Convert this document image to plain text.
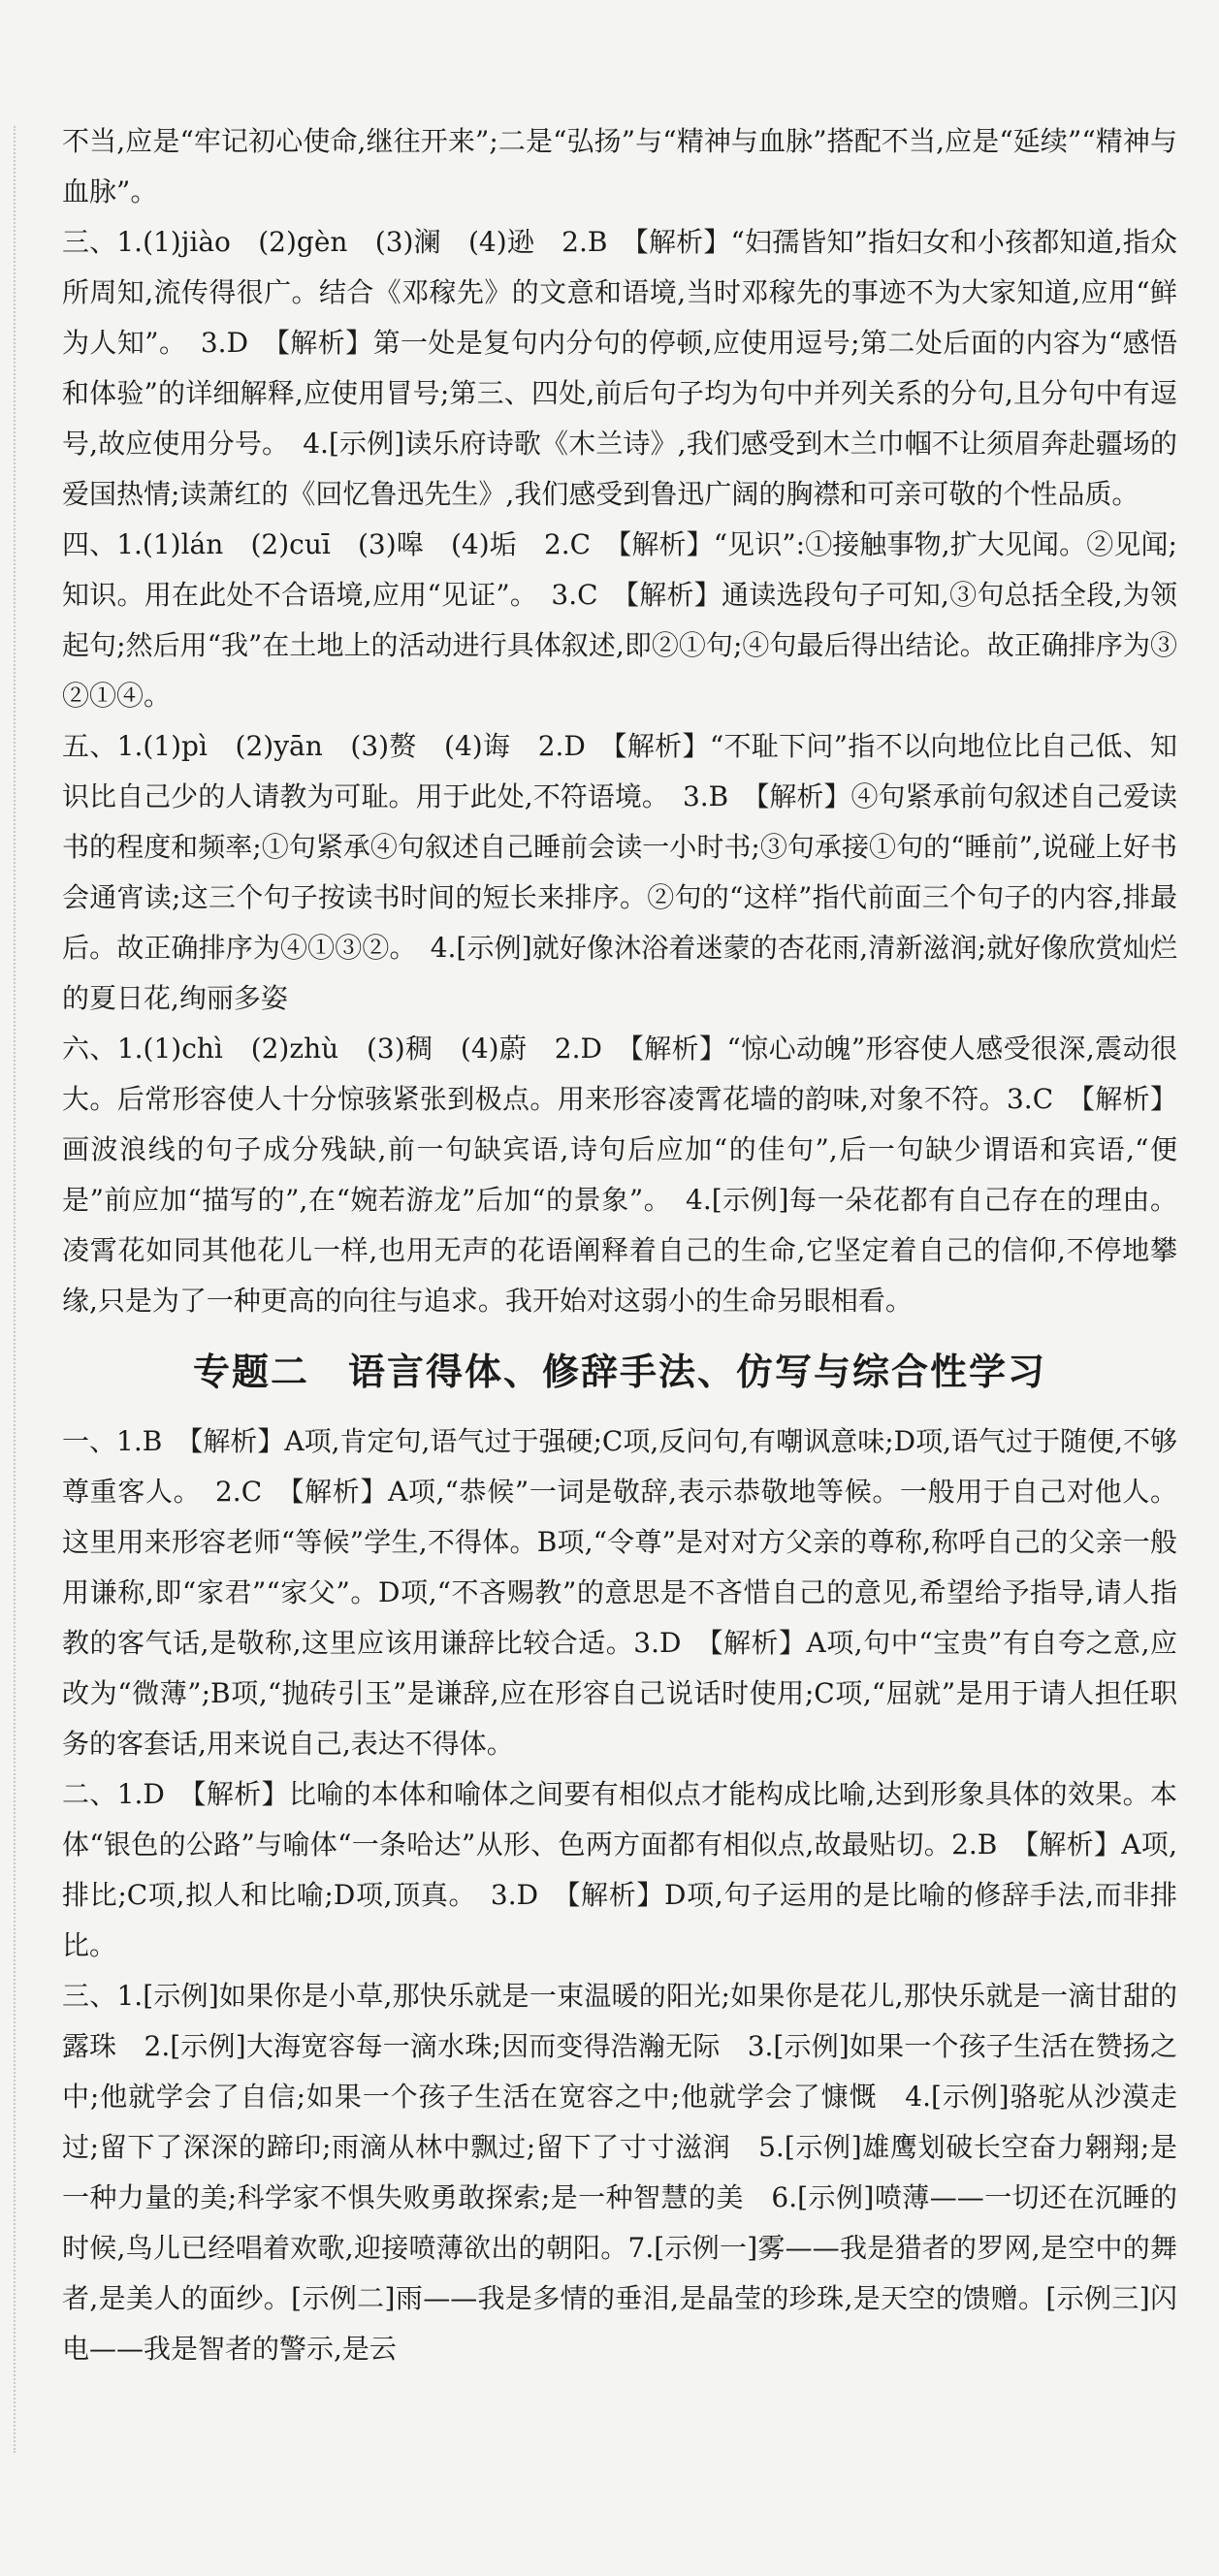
不当,应是“牢记初心使命,继往开来”;二是“弘扬”与“精神与血脉”搭配不当,应是“延续”“精神与血脉”。

三、1.(1)jiào　(2)gèn　(3)澜　(4)逊　2.B　【解析】“妇孺皆知”指妇女和小孩都知道,指众所周知,流传得很广。结合《邓稼先》的文意和语境,当时邓稼先的事迹不为大家知道,应用“鲜为人知”。　3.D　【解析】第一处是复句内分句的停顿,应使用逗号;第二处后面的内容为“感悟和体验”的详细解释,应使用冒号;第三、四处,前后句子均为句中并列关系的分句,且分句中有逗号,故应使用分号。　4.[示例]读乐府诗歌《木兰诗》,我们感受到木兰巾帼不让须眉奔赴疆场的爱国热情;读萧红的《回忆鲁迅先生》,我们感受到鲁迅广阔的胸襟和可亲可敬的个性品质。

四、1.(1)lán　(2)cuī　(3)嗥　(4)垢　2.C　【解析】“见识”:①接触事物,扩大见闻。②见闻;知识。用在此处不合语境,应用“见证”。　3.C　【解析】通读选段句子可知,③句总括全段,为领起句;然后用“我”在土地上的活动进行具体叙述,即②①句;④句最后得出结论。故正确排序为③②①④。

五、1.(1)pì　(2)yān　(3)赘　(4)诲　2.D　【解析】“不耻下问”指不以向地位比自己低、知识比自己少的人请教为可耻。用于此处,不符语境。　3.B　【解析】④句紧承前句叙述自己爱读书的程度和频率;①句紧承④句叙述自己睡前会读一小时书;③句承接①句的“睡前”,说碰上好书会通宵读;这三个句子按读书时间的短长来排序。②句的“这样”指代前面三个句子的内容,排最后。故正确排序为④①③②。　4.[示例]就好像沐浴着迷蒙的杏花雨,清新滋润;就好像欣赏灿烂的夏日花,绚丽多姿

六、1.(1)chì　(2)zhù　(3)稠　(4)蔚　2.D　【解析】“惊心动魄”形容使人感受很深,震动很大。后常形容使人十分惊骇紧张到极点。用来形容凌霄花墙的韵味,对象不符。3.C　【解析】画波浪线的句子成分残缺,前一句缺宾语,诗句后应加“的佳句”,后一句缺少谓语和宾语,“便是”前应加“描写的”,在“婉若游龙”后加“的景象”。　4.[示例]每一朵花都有自己存在的理由。凌霄花如同其他花儿一样,也用无声的花语阐释着自己的生命,它坚定着自己的信仰,不停地攀缘,只是为了一种更高的向往与追求。我开始对这弱小的生命另眼相看。

专题二　语言得体、修辞手法、仿写与综合性学习

一、1.B　【解析】A项,肯定句,语气过于强硬;C项,反问句,有嘲讽意味;D项,语气过于随便,不够尊重客人。　2.C　【解析】A项,“恭候”一词是敬辞,表示恭敬地等候。一般用于自己对他人。这里用来形容老师“等候”学生,不得体。B项,“令尊”是对对方父亲的尊称,称呼自己的父亲一般用谦称,即“家君”“家父”。D项,“不吝赐教”的意思是不吝惜自己的意见,希望给予指导,请人指教的客气话,是敬称,这里应该用谦辞比较合适。3.D　【解析】A项,句中“宝贵”有自夸之意,应改为“微薄”;B项,“抛砖引玉”是谦辞,应在形容自己说话时使用;C项,“屈就”是用于请人担任职务的客套话,用来说自己,表达不得体。

二、1.D　【解析】比喻的本体和喻体之间要有相似点才能构成比喻,达到形象具体的效果。本体“银色的公路”与喻体“一条哈达”从形、色两方面都有相似点,故最贴切。2.B　【解析】A项,排比;C项,拟人和比喻;D项,顶真。　3.D　【解析】D项,句子运用的是比喻的修辞手法,而非排比。

三、1.[示例]如果你是小草,那快乐就是一束温暖的阳光;如果你是花儿,那快乐就是一滴甘甜的露珠　2.[示例]大海宽容每一滴水珠;因而变得浩瀚无际　3.[示例]如果一个孩子生活在赞扬之中;他就学会了自信;如果一个孩子生活在宽容之中;他就学会了慷慨　4.[示例]骆驼从沙漠走过;留下了深深的蹄印;雨滴从林中飘过;留下了寸寸滋润　5.[示例]雄鹰划破长空奋力翱翔;是一种力量的美;科学家不惧失败勇敢探索;是一种智慧的美　6.[示例]喷薄——一切还在沉睡的时候,鸟儿已经唱着欢歌,迎接喷薄欲出的朝阳。7.[示例一]雾——我是猎者的罗网,是空中的舞者,是美人的面纱。[示例二]雨——我是多情的垂泪,是晶莹的珍珠,是天空的馈赠。[示例三]闪电——我是智者的警示,是云
